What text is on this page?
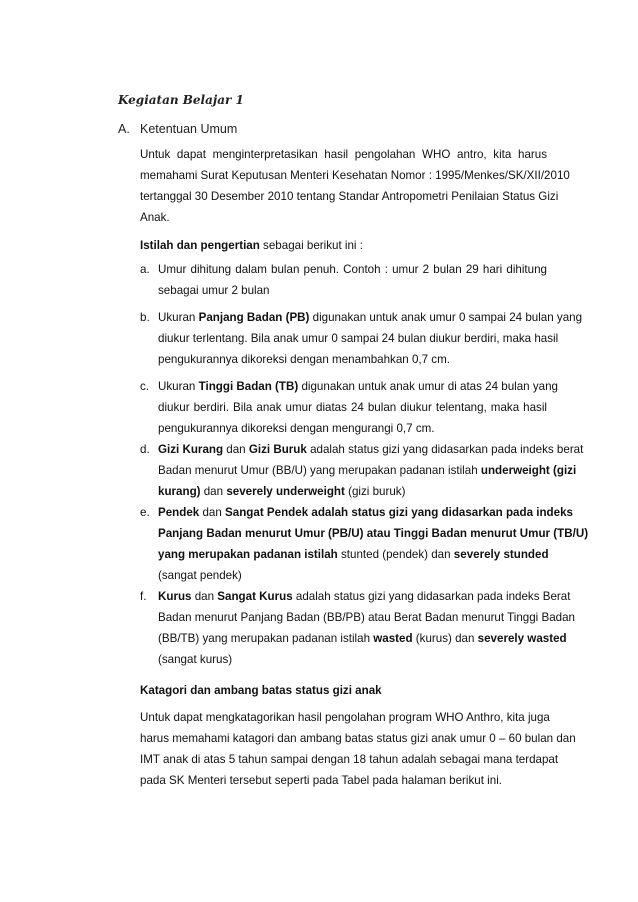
Kegiatan Belajar 1
A. Ketentuan Umum
Untuk dapat menginterpretasikan hasil pengolahan WHO antro, kita harus
memahami Surat Keputusan Menteri Kesehatan Nomor : 1995/Menkes/SK/XII/2010
tertanggal 30 Desember 2010 tentang Standar Antropometri Penilaian Status Gizi
Anak.
Istilah dan pengertian sebagai berikut ini :
a. Umur dihitung dalam bulan penuh. Contoh : umur 2 bulan 29 hari dihitung
sebagai umur 2 bulan
b. Ukuran Panjang Badan (PB) digunakan untuk anak umur 0 sampai 24 bulan yang
diukur terlentang. Bila anak umur 0 sampai 24 bulan diukur berdiri, maka hasil
pengukurannya dikoreksi dengan menambahkan 0,7 cm.
c. Ukuran Tinggi Badan (TB) digunakan untuk anak umur di atas 24 bulan yang
diukur berdiri. Bila anak umur diatas 24 bulan diukur telentang, maka hasil
pengukurannya dikoreksi dengan mengurangi 0,7 cm.
d. Gizi Kurang dan Gizi Buruk adalah status gizi yang didasarkan pada indeks berat
Badan menurut Umur (BB/U) yang merupakan padanan istilah underweight (gizi
kurang) dan severely underweight (gizi buruk)
e. Pendek dan Sangat Pendek adalah status gizi yang didasarkan pada indeks
Panjang Badan menurut Umur (PB/U) atau Tinggi Badan menurut Umur (TB/U)
yang merupakan padanan istilah stunted (pendek) dan severely stunded
(sangat pendek)
f. Kurus dan Sangat Kurus adalah status gizi yang didasarkan pada indeks Berat
Badan menurut Panjang Badan (BB/PB) atau Berat Badan menurut Tinggi Badan
(BB/TB) yang merupakan padanan istilah wasted (kurus) dan severely wasted
(sangat kurus)
Katagori dan ambang batas status gizi anak
Untuk dapat mengkatagorikan hasil pengolahan program WHO Anthro, kita juga
harus memahami katagori dan ambang batas status gizi anak umur 0 – 60 bulan dan
IMT anak di atas 5 tahun sampai dengan 18 tahun adalah sebagai mana terdapat
pada SK Menteri tersebut seperti pada Tabel pada halaman berikut ini.
